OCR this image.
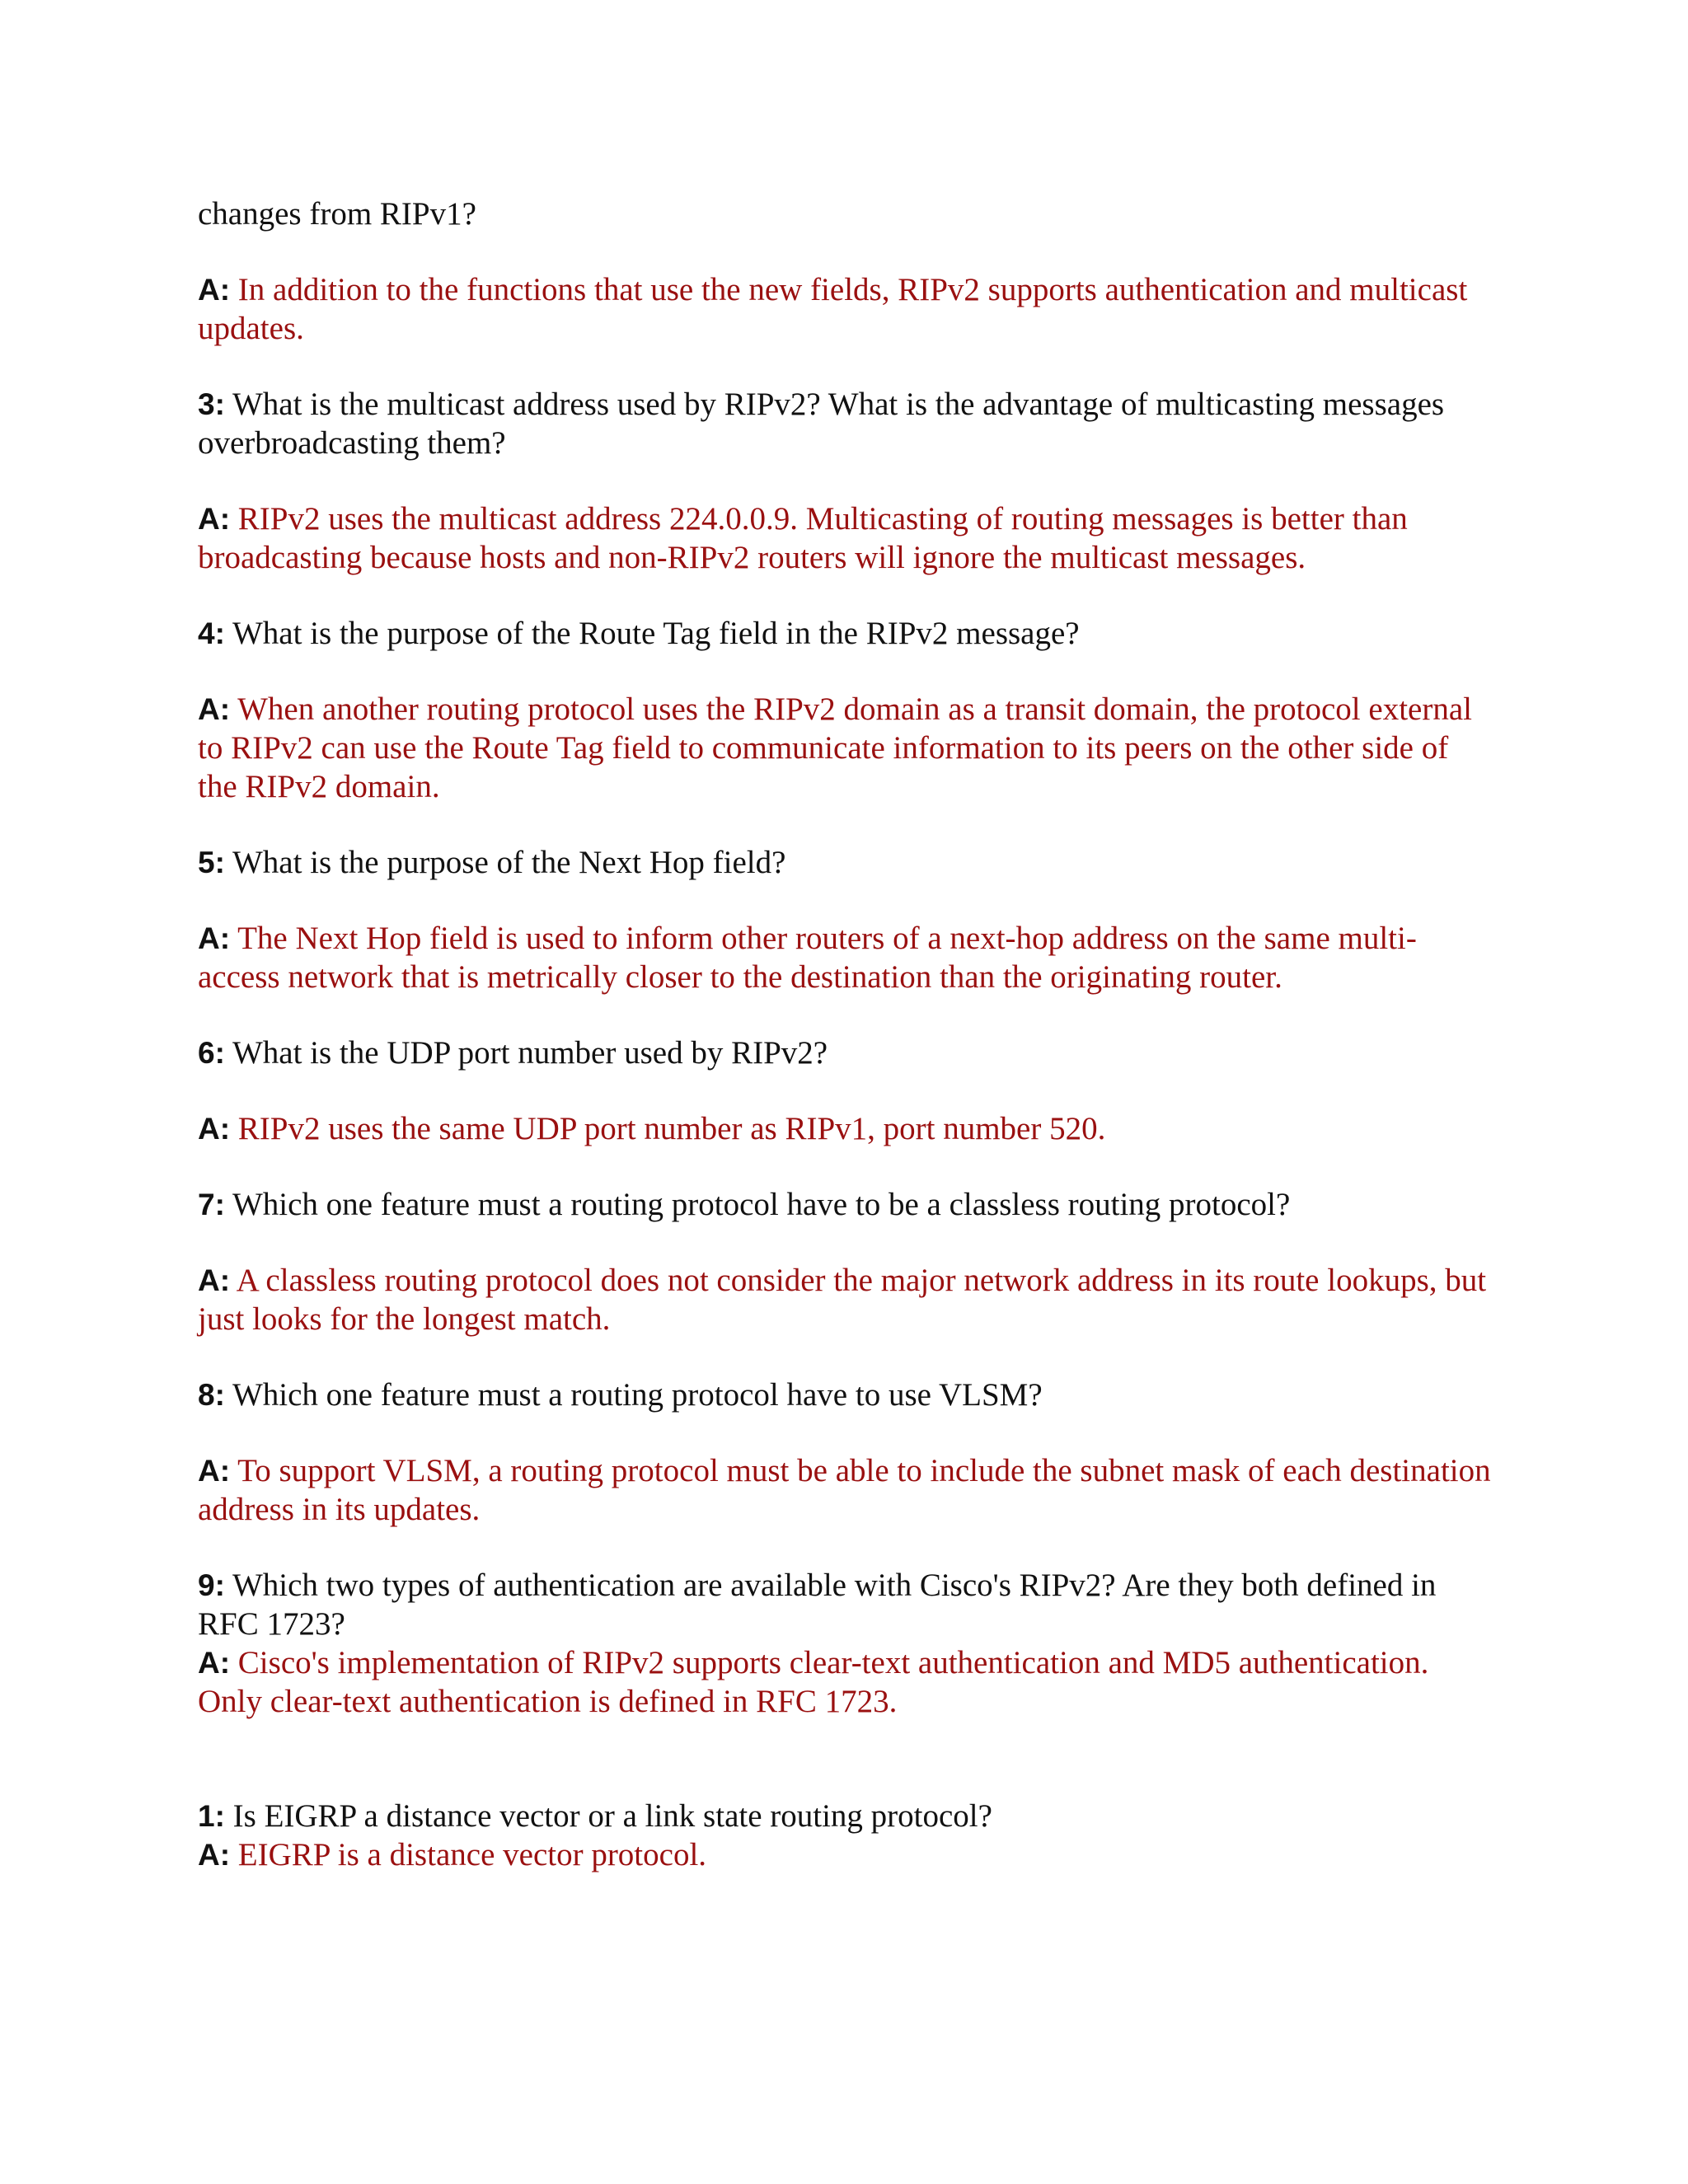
changes from RIPv1?

A: In addition to the functions that use the new fields, RIPv2 supports authentication and multicast updates.

3: What is the multicast address used by RIPv2? What is the advantage of multicasting messages overbroadcasting them?

A: RIPv2 uses the multicast address 224.0.0.9. Multicasting of routing messages is better than broadcasting because hosts and non-RIPv2 routers will ignore the multicast messages.

4: What is the purpose of the Route Tag field in the RIPv2 message?

A: When another routing protocol uses the RIPv2 domain as a transit domain, the protocol external to RIPv2 can use the Route Tag field to communicate information to its peers on the other side of the RIPv2 domain.

5: What is the purpose of the Next Hop field?

A: The Next Hop field is used to inform other routers of a next-hop address on the same multi-access network that is metrically closer to the destination than the originating router.

6: What is the UDP port number used by RIPv2?

A: RIPv2 uses the same UDP port number as RIPv1, port number 520.

7: Which one feature must a routing protocol have to be a classless routing protocol?

A: A classless routing protocol does not consider the major network address in its route lookups, but just looks for the longest match.

8: Which one feature must a routing protocol have to use VLSM?

A: To support VLSM, a routing protocol must be able to include the subnet mask of each destination address in its updates.

9: Which two types of authentication are available with Cisco's RIPv2? Are they both defined in RFC 1723?

A: Cisco's implementation of RIPv2 supports clear-text authentication and MD5 authentication. Only clear-text authentication is defined in RFC 1723.

1: Is EIGRP a distance vector or a link state routing protocol?

A: EIGRP is a distance vector protocol.
